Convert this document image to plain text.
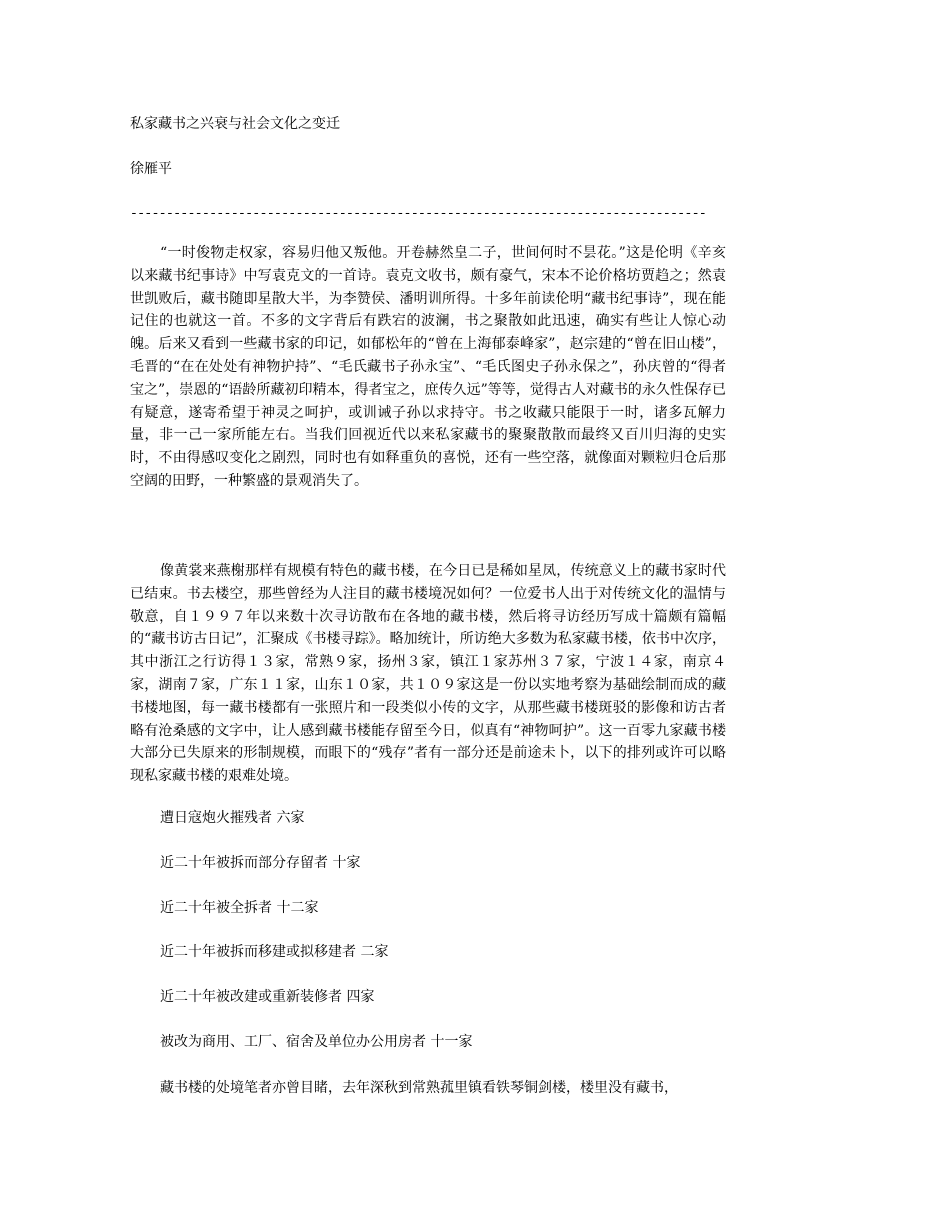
私家藏书之兴衰与社会文化之变迁
徐雁平
--------------------------------------------------------------------------------

“一时俊物走权家，容易归他又叛他。开卷赫然皇二子，世间何时不昙花。”这是伦明《辛亥以来藏书纪事诗》中写袁克文的一首诗。袁克文收书，颇有豪气，宋本不论价格坊贾趋之；然袁世凯败后，藏书随即星散大半，为李赞侯、潘明训所得。十多年前读伦明“藏书纪事诗”，现在能记住的也就这一首。不多的文字背后有跌宕的波澜，书之聚散如此迅速，确实有些让人惊心动魄。后来又看到一些藏书家的印记，如郁松年的“曾在上海郁泰峰家”，赵宗建的“曾在旧山楼”，毛晋的“在在处处有神物护持”、“毛氏藏书子孙永宝”、“毛氏图史子孙永保之”，孙庆曾的“得者宝之”，崇恩的“语龄所藏初印精本，得者宝之，庶传久远”等等，觉得古人对藏书的永久性保存已有疑意，遂寄希望于神灵之呵护，或训诫子孙以求持守。书之收藏只能限于一时，诸多瓦解力量，非一己一家所能左右。当我们回视近代以来私家藏书的聚聚散散而最终又百川归海的史实时，不由得感叹变化之剧烈，同时也有如释重负的喜悦，还有一些空落，就像面对颗粒归仓后那空阔的田野，一种繁盛的景观消失了。

像黄裳来燕榭那样有规模有特色的藏书楼，在今日已是稀如星凤，传统意义上的藏书家时代已结束。书去楼空，那些曾经为人注目的藏书楼境况如何？一位爱书人出于对传统文化的温情与敬意，自１９９７年以来数十次寻访散布在各地的藏书楼，然后将寻访经历写成十篇颇有篇幅的“藏书访古日记”，汇聚成《书楼寻踪》。略加统计，所访绝大多数为私家藏书楼，依书中次序，其中浙江之行访得１３家，常熟９家，扬州３家，镇江１家苏州３７家，宁波１４家，南京４家，湖南７家，广东１１家，山东１０家，共１０９家这是一份以实地考察为基础绘制而成的藏书楼地图，每一藏书楼都有一张照片和一段类似小传的文字，从那些藏书楼斑驳的影像和访古者略有沧桑感的文字中，让人感到藏书楼能存留至今日，似真有“神物呵护”。这一百零九家藏书楼大部分已失原来的形制规模，而眼下的“残存”者有一部分还是前途未卜，以下的排列或许可以略现私家藏书楼的艰难处境。

遭日寇炮火摧残者 六家
近二十年被拆而部分存留者 十家
近二十年被全拆者 十二家
近二十年被拆而移建或拟移建者 二家
近二十年被改建或重新装修者 四家
被改为商用、工厂、宿舍及单位办公用房者 十一家

藏书楼的处境笔者亦曾目睹，去年深秋到常熟菰里镇看铁琴铜剑楼，楼里没有藏书，
